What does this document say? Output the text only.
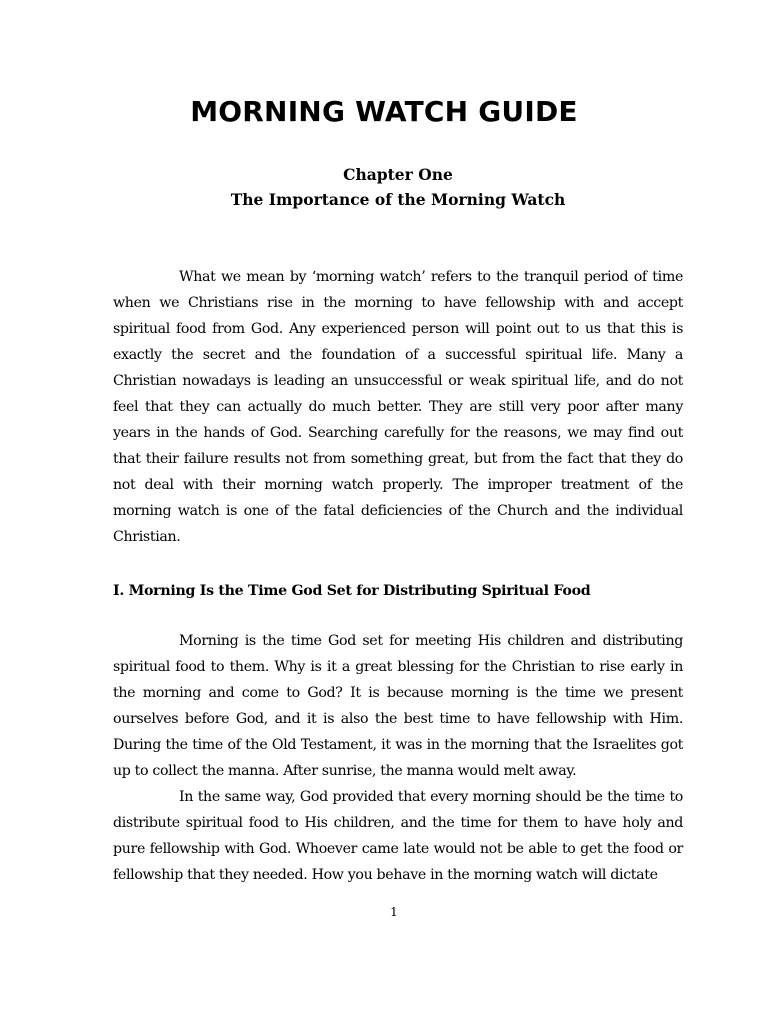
MORNING WATCH GUIDE
Chapter One
The Importance of the Morning Watch

What we mean by ‘morning watch’ refers to the tranquil period of time when we Christians rise in the morning to have fellowship with and accept spiritual food from God. Any experienced person will point out to us that this is exactly the secret and the foundation of a successful spiritual life. Many a Christian nowadays is leading an unsuccessful or weak spiritual life, and do not feel that they can actually do much better. They are still very poor after many years in the hands of God. Searching carefully for the reasons, we may find out that their failure results not from something great, but from the fact that they do not deal with their morning watch properly. The improper treatment of the morning watch is one of the fatal deficiencies of the Church and the individual Christian.

I. Morning Is the Time God Set for Distributing Spiritual Food

Morning is the time God set for meeting His children and distributing spiritual food to them. Why is it a great blessing for the Christian to rise early in the morning and come to God? It is because morning is the time we present ourselves before God, and it is also the best time to have fellowship with Him. During the time of the Old Testament, it was in the morning that the Israelites got up to collect the manna. After sunrise, the manna would melt away.

In the same way, God provided that every morning should be the time to distribute spiritual food to His children, and the time for them to have holy and pure fellowship with God. Whoever came late would not be able to get the food or fellowship that they needed. How you behave in the morning watch will dictate

1
